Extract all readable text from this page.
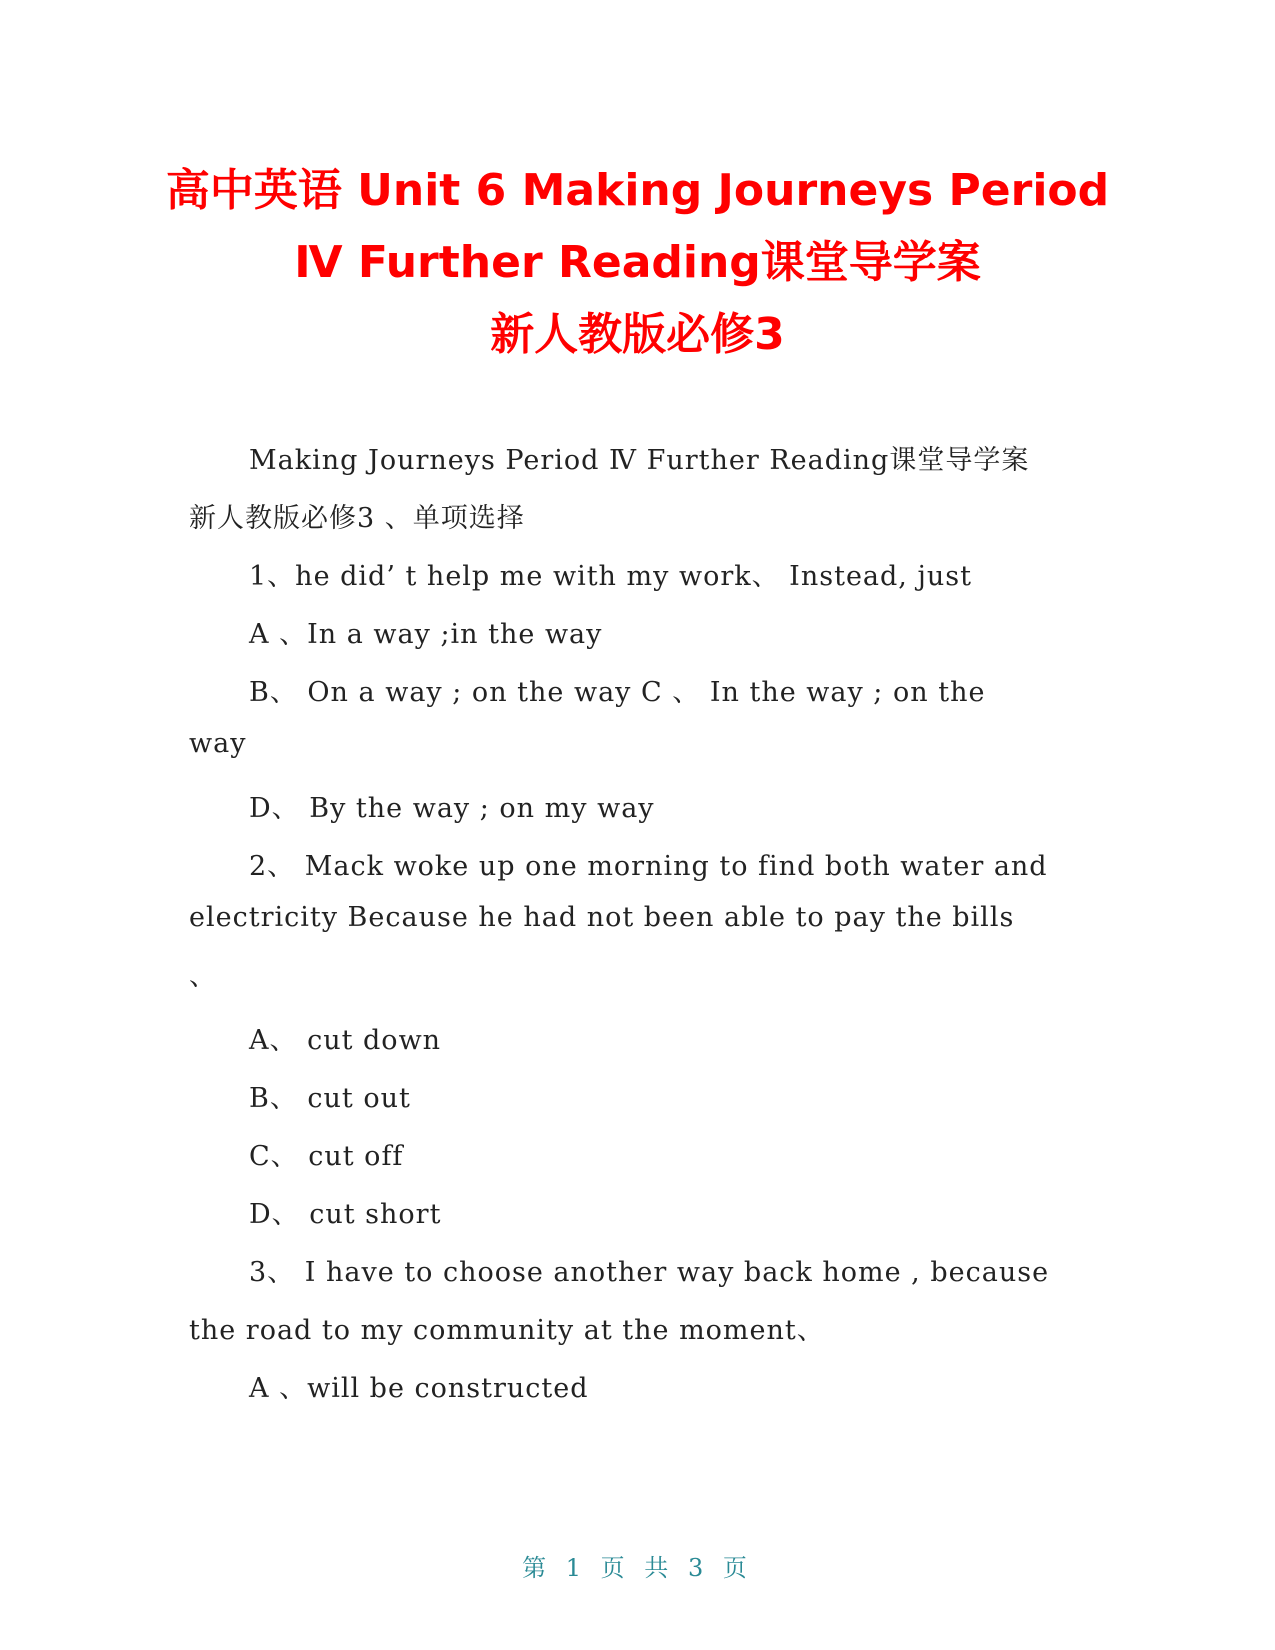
高中英语 Unit 6 Making Journeys Period
Ⅳ Further Reading课堂导学案
新人教版必修3
Making Journeys Period Ⅳ Further Reading课堂导学案
新人教版必修3 、单项选择
1、he did’ t help me with my work、 Instead, just
A 、In a way ;in the way
B、 On a way ; on the way C 、 In the way ; on the
way
D、 By the way ; on my way
2、 Mack woke up one morning to find both water and
electricity Because he had not been able to pay the bills
、
A、 cut down
B、 cut out
C、 cut off
D、 cut short
3、 I have to choose another way back home , because
the road to my community at the moment、
A 、will be constructed
第 1 页 共 3 页
